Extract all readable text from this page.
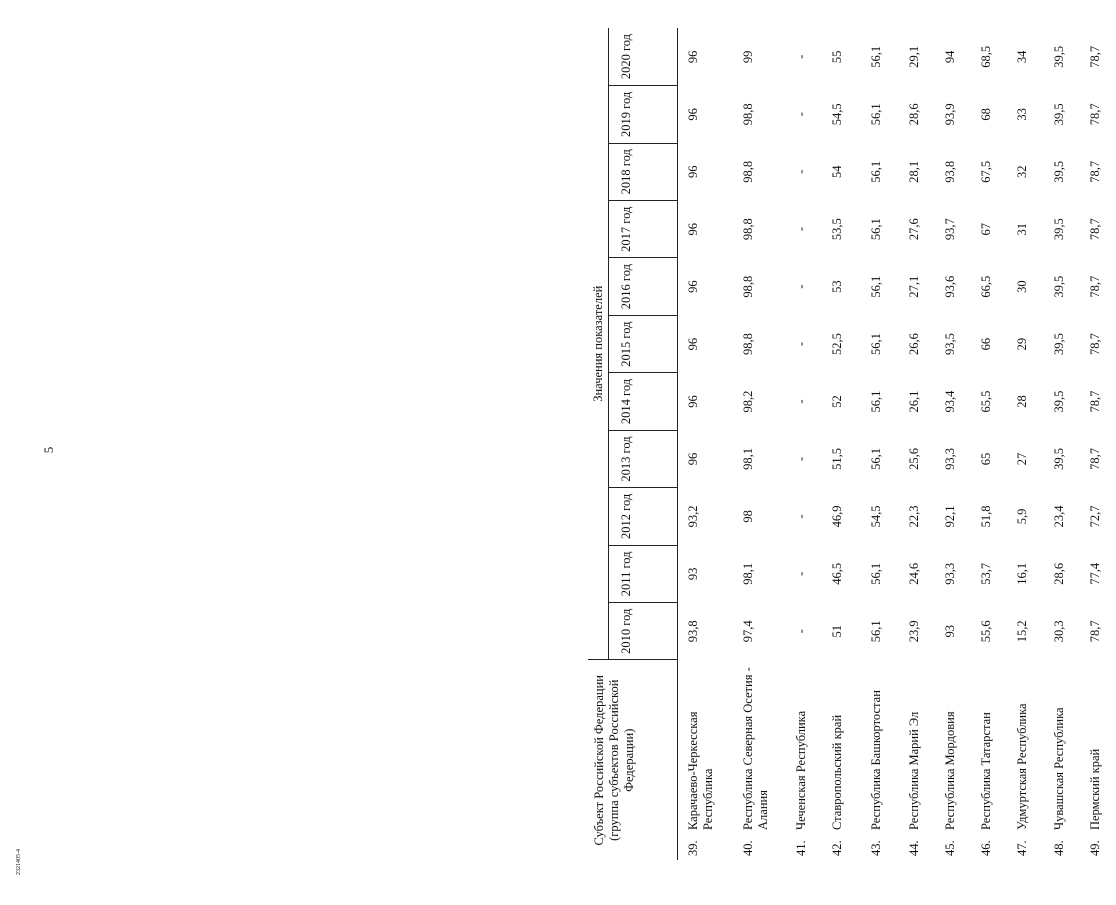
5
2321405-4
Субъект Российской Федерации (группа субъектов Российской Федерации)	Значения показателей										
	2010 год	2011 год	2012 год	2013 год	2014 год	2015 год	2016 год	2017 год	2018 год	2019 год	2020 год
39.Карачаево-Черкесская Республика	93,8	93	93,2	96	96	96	96	96	96	96	96
40.Республика Северная Осетия - Алания	97,4	98,1	98	98,1	98,2	98,8	98,8	98,8	98,8	98,8	99
41.Чеченская Республика	-	-	-	-	-	-	-	-	-	-	-
42.Ставропольский край	51	46,5	46,9	51,5	52	52,5	53	53,5	54	54,5	55
43.Республика Башкортостан	56,1	56,1	54,5	56,1	56,1	56,1	56,1	56,1	56,1	56,1	56,1
44.Республика Марий Эл	23,9	24,6	22,3	25,6	26,1	26,6	27,1	27,6	28,1	28,6	29,1
45.Республика Мордовия	93	93,3	92,1	93,3	93,4	93,5	93,6	93,7	93,8	93,9	94
46.Республика Татарстан	55,6	53,7	51,8	65	65,5	66	66,5	67	67,5	68	68,5
47.Удмуртская Республика	15,2	16,1	5,9	27	28	29	30	31	32	33	34
48.Чувашская Республика	30,3	28,6	23,4	39,5	39,5	39,5	39,5	39,5	39,5	39,5	39,5
49.Пермский край	78,7	77,4	72,7	78,7	78,7	78,7	78,7	78,7	78,7	78,7	78,7
